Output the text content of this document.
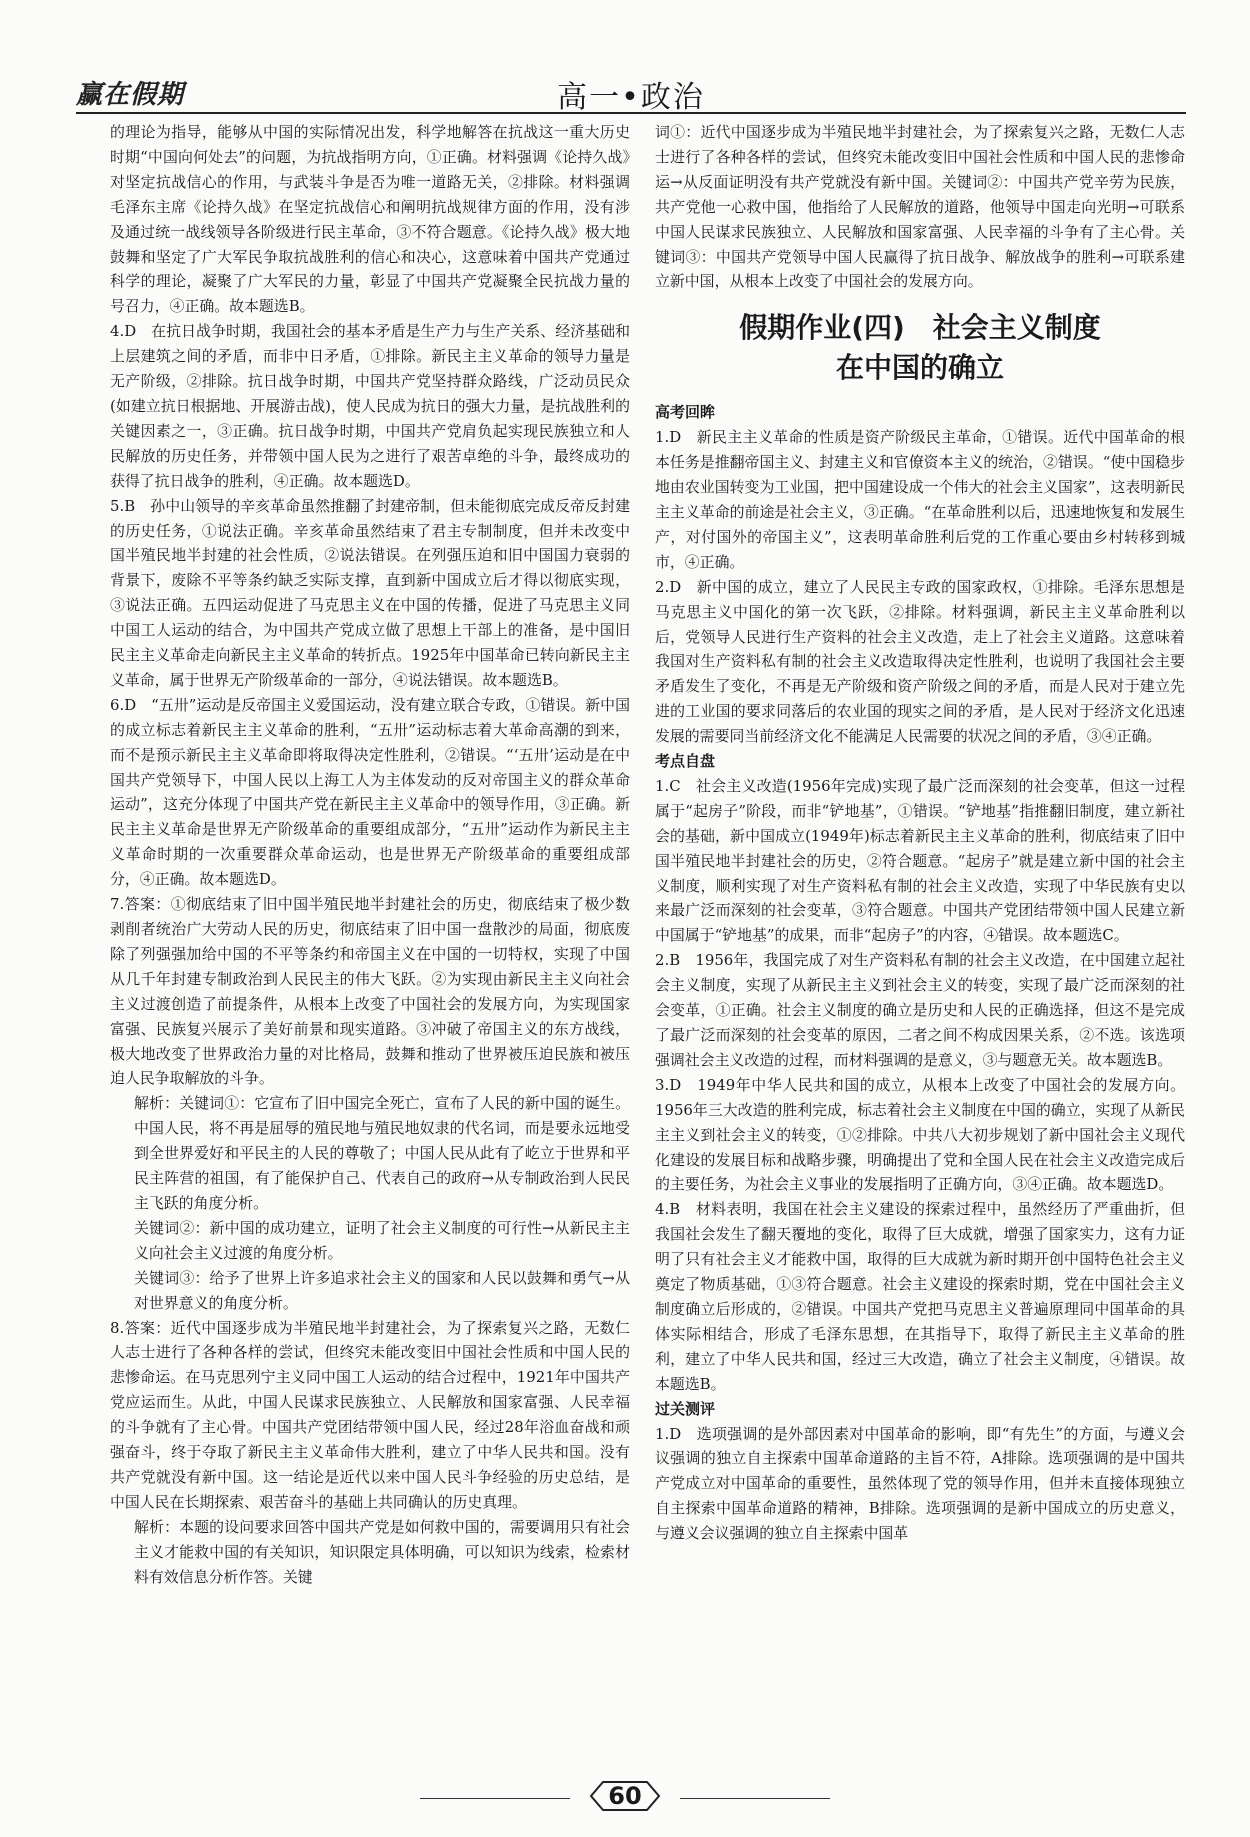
赢在假期	高一•政治

的理论为指导，能够从中国的实际情况出发，科学地解答在抗战这一重大历史时期“中国向何处去”的问题，为抗战指明方向，①正确。材料强调《论持久战》对坚定抗战信心的作用，与武装斗争是否为唯一道路无关，②排除。材料强调毛泽东主席《论持久战》在坚定抗战信心和阐明抗战规律方面的作用，没有涉及通过统一战线领导各阶级进行民主革命，③不符合题意。《论持久战》极大地鼓舞和坚定了广大军民争取抗战胜利的信心和决心，这意味着中国共产党通过科学的理论，凝聚了广大军民的力量，彰显了中国共产党凝聚全民抗战力量的号召力，④正确。故本题选B。

4.D　在抗日战争时期，我国社会的基本矛盾是生产力与生产关系、经济基础和上层建筑之间的矛盾，而非中日矛盾，①排除。新民主主义革命的领导力量是无产阶级，②排除。抗日战争时期，中国共产党坚持群众路线，广泛动员民众(如建立抗日根据地、开展游击战)，使人民成为抗日的强大力量，是抗战胜利的关键因素之一，③正确。抗日战争时期，中国共产党肩负起实现民族独立和人民解放的历史任务，并带领中国人民为之进行了艰苦卓绝的斗争，最终成功的获得了抗日战争的胜利，④正确。故本题选D。

5.B　孙中山领导的辛亥革命虽然推翻了封建帝制，但未能彻底完成反帝反封建的历史任务，①说法正确。辛亥革命虽然结束了君主专制制度，但并未改变中国半殖民地半封建的社会性质，②说法错误。在列强压迫和旧中国国力衰弱的背景下，废除不平等条约缺乏实际支撑，直到新中国成立后才得以彻底实现，③说法正确。五四运动促进了马克思主义在中国的传播，促进了马克思主义同中国工人运动的结合，为中国共产党成立做了思想上干部上的准备，是中国旧民主主义革命走向新民主主义革命的转折点。1925年中国革命已转向新民主主义革命，属于世界无产阶级革命的一部分，④说法错误。故本题选B。

6.D　“五卅”运动是反帝国主义爱国运动，没有建立联合专政，①错误。新中国的成立标志着新民主主义革命的胜利，“五卅”运动标志着大革命高潮的到来，而不是预示新民主主义革命即将取得决定性胜利，②错误。“‘五卅’运动是在中国共产党领导下，中国人民以上海工人为主体发动的反对帝国主义的群众革命运动”，这充分体现了中国共产党在新民主主义革命中的领导作用，③正确。新民主主义革命是世界无产阶级革命的重要组成部分，“五卅”运动作为新民主主义革命时期的一次重要群众革命运动，也是世界无产阶级革命的重要组成部分，④正确。故本题选D。

7.答案：①彻底结束了旧中国半殖民地半封建社会的历史，彻底结束了极少数剥削者统治广大劳动人民的历史，彻底结束了旧中国一盘散沙的局面，彻底废除了列强强加给中国的不平等条约和帝国主义在中国的一切特权，实现了中国从几千年封建专制政治到人民民主的伟大飞跃。②为实现由新民主主义向社会主义过渡创造了前提条件，从根本上改变了中国社会的发展方向，为实现国家富强、民族复兴展示了美好前景和现实道路。③冲破了帝国主义的东方战线，极大地改变了世界政治力量的对比格局，鼓舞和推动了世界被压迫民族和被压迫人民争取解放的斗争。

解析：关键词①：它宣布了旧中国完全死亡，宣布了人民的新中国的诞生。中国人民，将不再是屈辱的殖民地与殖民地奴隶的代名词，而是要永远地受到全世界爱好和平民主的人民的尊敬了；中国人民从此有了屹立于世界和平民主阵营的祖国，有了能保护自己、代表自己的政府→从专制政治到人民民主飞跃的角度分析。

关键词②：新中国的成功建立，证明了社会主义制度的可行性→从新民主主义向社会主义过渡的角度分析。

关键词③：给予了世界上许多追求社会主义的国家和人民以鼓舞和勇气→从对世界意义的角度分析。

8.答案：近代中国逐步成为半殖民地半封建社会，为了探索复兴之路，无数仁人志士进行了各种各样的尝试，但终究未能改变旧中国社会性质和中国人民的悲惨命运。在马克思列宁主义同中国工人运动的结合过程中，1921年中国共产党应运而生。从此，中国人民谋求民族独立、人民解放和国家富强、人民幸福的斗争就有了主心骨。中国共产党团结带领中国人民，经过28年浴血奋战和顽强奋斗，终于夺取了新民主主义革命伟大胜利，建立了中华人民共和国。没有共产党就没有新中国。这一结论是近代以来中国人民斗争经验的历史总结，是中国人民在长期探索、艰苦奋斗的基础上共同确认的历史真理。

解析：本题的设问要求回答中国共产党是如何救中国的，需要调用只有社会主义才能救中国的有关知识，知识限定具体明确，可以知识为线索，检索材料有效信息分析作答。关键

词①：近代中国逐步成为半殖民地半封建社会，为了探索复兴之路，无数仁人志士进行了各种各样的尝试，但终究未能改变旧中国社会性质和中国人民的悲惨命运→从反面证明没有共产党就没有新中国。关键词②：中国共产党辛劳为民族，共产党他一心救中国，他指给了人民解放的道路，他领导中国走向光明→可联系中国人民谋求民族独立、人民解放和国家富强、人民幸福的斗争有了主心骨。关键词③：中国共产党领导中国人民赢得了抗日战争、解放战争的胜利→可联系建立新中国，从根本上改变了中国社会的发展方向。

假期作业(四)　社会主义制度
在中国的确立
高考回眸

1.D　新民主主义革命的性质是资产阶级民主革命，①错误。近代中国革命的根本任务是推翻帝国主义、封建主义和官僚资本主义的统治，②错误。“使中国稳步地由农业国转变为工业国，把中国建设成一个伟大的社会主义国家”，这表明新民主主义革命的前途是社会主义，③正确。“在革命胜利以后，迅速地恢复和发展生产，对付国外的帝国主义”，这表明革命胜利后党的工作重心要由乡村转移到城市，④正确。

2.D　新中国的成立，建立了人民民主专政的国家政权，①排除。毛泽东思想是马克思主义中国化的第一次飞跃，②排除。材料强调，新民主主义革命胜利以后，党领导人民进行生产资料的社会主义改造，走上了社会主义道路。这意味着我国对生产资料私有制的社会主义改造取得决定性胜利，也说明了我国社会主要矛盾发生了变化，不再是无产阶级和资产阶级之间的矛盾，而是人民对于建立先进的工业国的要求同落后的农业国的现实之间的矛盾，是人民对于经济文化迅速发展的需要同当前经济文化不能满足人民需要的状况之间的矛盾，③④正确。

考点自盘

1.C　社会主义改造(1956年完成)实现了最广泛而深刻的社会变革，但这一过程属于“起房子”阶段，而非“铲地基”，①错误。“铲地基”指推翻旧制度，建立新社会的基础，新中国成立(1949年)标志着新民主主义革命的胜利，彻底结束了旧中国半殖民地半封建社会的历史，②符合题意。“起房子”就是建立新中国的社会主义制度，顺利实现了对生产资料私有制的社会主义改造，实现了中华民族有史以来最广泛而深刻的社会变革，③符合题意。中国共产党团结带领中国人民建立新中国属于“铲地基”的成果，而非“起房子”的内容，④错误。故本题选C。

2.B　1956年，我国完成了对生产资料私有制的社会主义改造，在中国建立起社会主义制度，实现了从新民主主义到社会主义的转变，实现了最广泛而深刻的社会变革，①正确。社会主义制度的确立是历史和人民的正确选择，但这不是完成了最广泛而深刻的社会变革的原因，二者之间不构成因果关系，②不选。该选项强调社会主义改造的过程，而材料强调的是意义，③与题意无关。故本题选B。

3.D　1949年中华人民共和国的成立，从根本上改变了中国社会的发展方向。1956年三大改造的胜利完成，标志着社会主义制度在中国的确立，实现了从新民主主义到社会主义的转变，①②排除。中共八大初步规划了新中国社会主义现代化建设的发展目标和战略步骤，明确提出了党和全国人民在社会主义改造完成后的主要任务，为社会主义事业的发展指明了正确方向，③④正确。故本题选D。

4.B　材料表明，我国在社会主义建设的探索过程中，虽然经历了严重曲折，但我国社会发生了翻天覆地的变化，取得了巨大成就，增强了国家实力，这有力证明了只有社会主义才能救中国，取得的巨大成就为新时期开创中国特色社会主义奠定了物质基础，①③符合题意。社会主义建设的探索时期，党在中国社会主义制度确立后形成的，②错误。中国共产党把马克思主义普遍原理同中国革命的具体实际相结合，形成了毛泽东思想，在其指导下，取得了新民主主义革命的胜利，建立了中华人民共和国，经过三大改造，确立了社会主义制度，④错误。故本题选B。

过关测评

1.D　选项强调的是外部因素对中国革命的影响，即“有先生”的方面，与遵义会议强调的独立自主探索中国革命道路的主旨不符，A排除。选项强调的是中国共产党成立对中国革命的重要性，虽然体现了党的领导作用，但并未直接体现独立自主探索中国革命道路的精神，B排除。选项强调的是新中国成立的历史意义，与遵义会议强调的独立自主探索中国革

60
